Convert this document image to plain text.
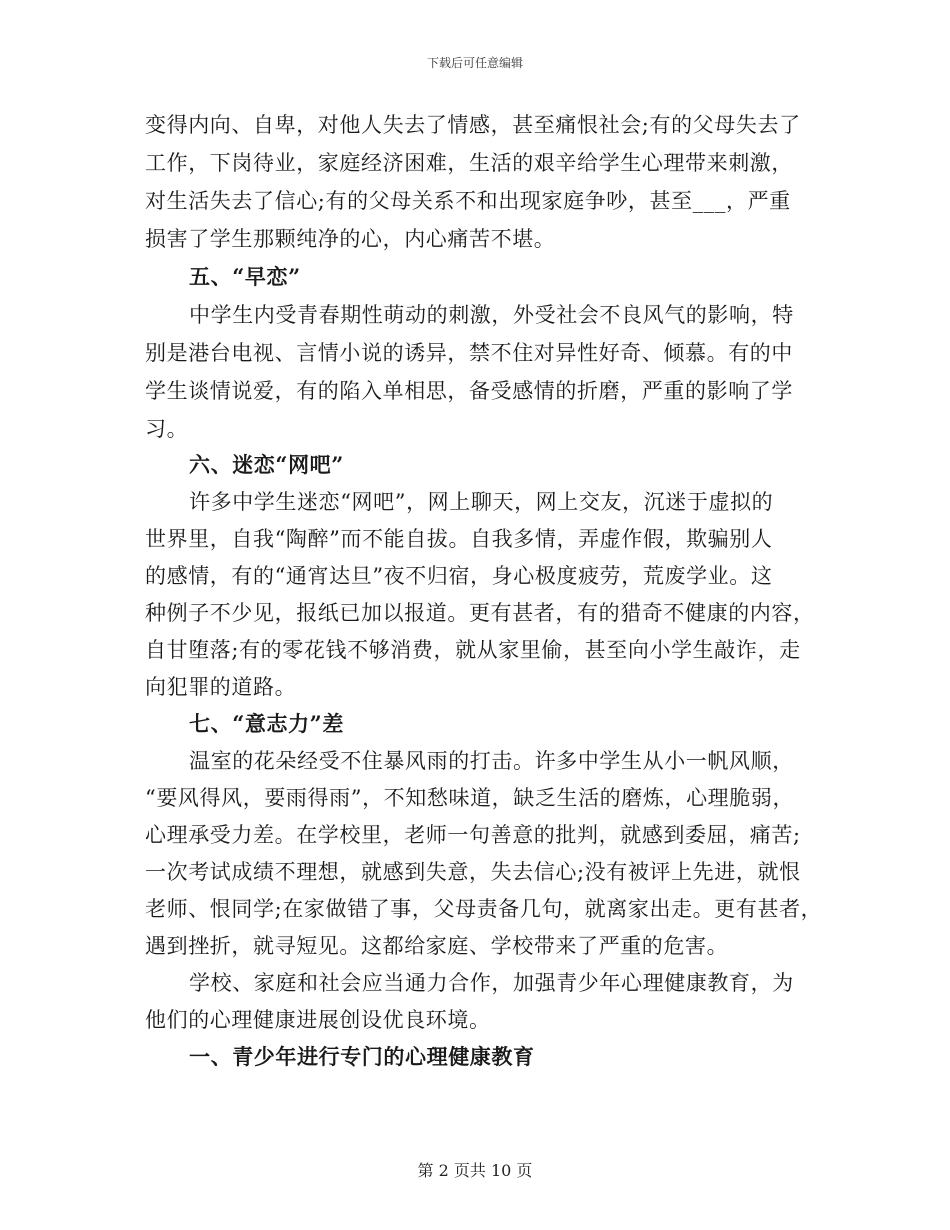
下载后可任意编辑
变得内向、自卑，对他人失去了情感，甚至痛恨社会;有的父母失去了
工作，下岗待业，家庭经济困难，生活的艰辛给学生心理带来刺激，
对生活失去了信心;有的父母关系不和出现家庭争吵，甚至___，严重
损害了学生那颗纯净的心，内心痛苦不堪。
五、“早恋”
中学生内受青春期性萌动的刺激，外受社会不良风气的影响，特
别是港台电视、言情小说的诱异，禁不住对异性好奇、倾慕。有的中
学生谈情说爱，有的陷入单相思，备受感情的折磨，严重的影响了学
习。
六、迷恋“网吧”
许多中学生迷恋“网吧”，网上聊天，网上交友，沉迷于虚拟的
世界里，自我“陶醉”而不能自拔。自我多情，弄虚作假，欺骗别人
的感情，有的“通宵达旦”夜不归宿，身心极度疲劳，荒废学业。这
种例子不少见，报纸已加以报道。更有甚者，有的猎奇不健康的内容，
自甘堕落;有的零花钱不够消费，就从家里偷，甚至向小学生敲诈，走
向犯罪的道路。
七、“意志力”差
温室的花朵经受不住暴风雨的打击。许多中学生从小一帆风顺，
“要风得风，要雨得雨”，不知愁味道，缺乏生活的磨炼，心理脆弱，
心理承受力差。在学校里，老师一句善意的批判，就感到委屈，痛苦;
一次考试成绩不理想，就感到失意，失去信心;没有被评上先进，就恨
老师、恨同学;在家做错了事，父母责备几句，就离家出走。更有甚者，
遇到挫折，就寻短见。这都给家庭、学校带来了严重的危害。
学校、家庭和社会应当通力合作，加强青少年心理健康教育，为
他们的心理健康进展创设优良环境。
一、青少年进行专门的心理健康教育
第 2 页共 10 页
